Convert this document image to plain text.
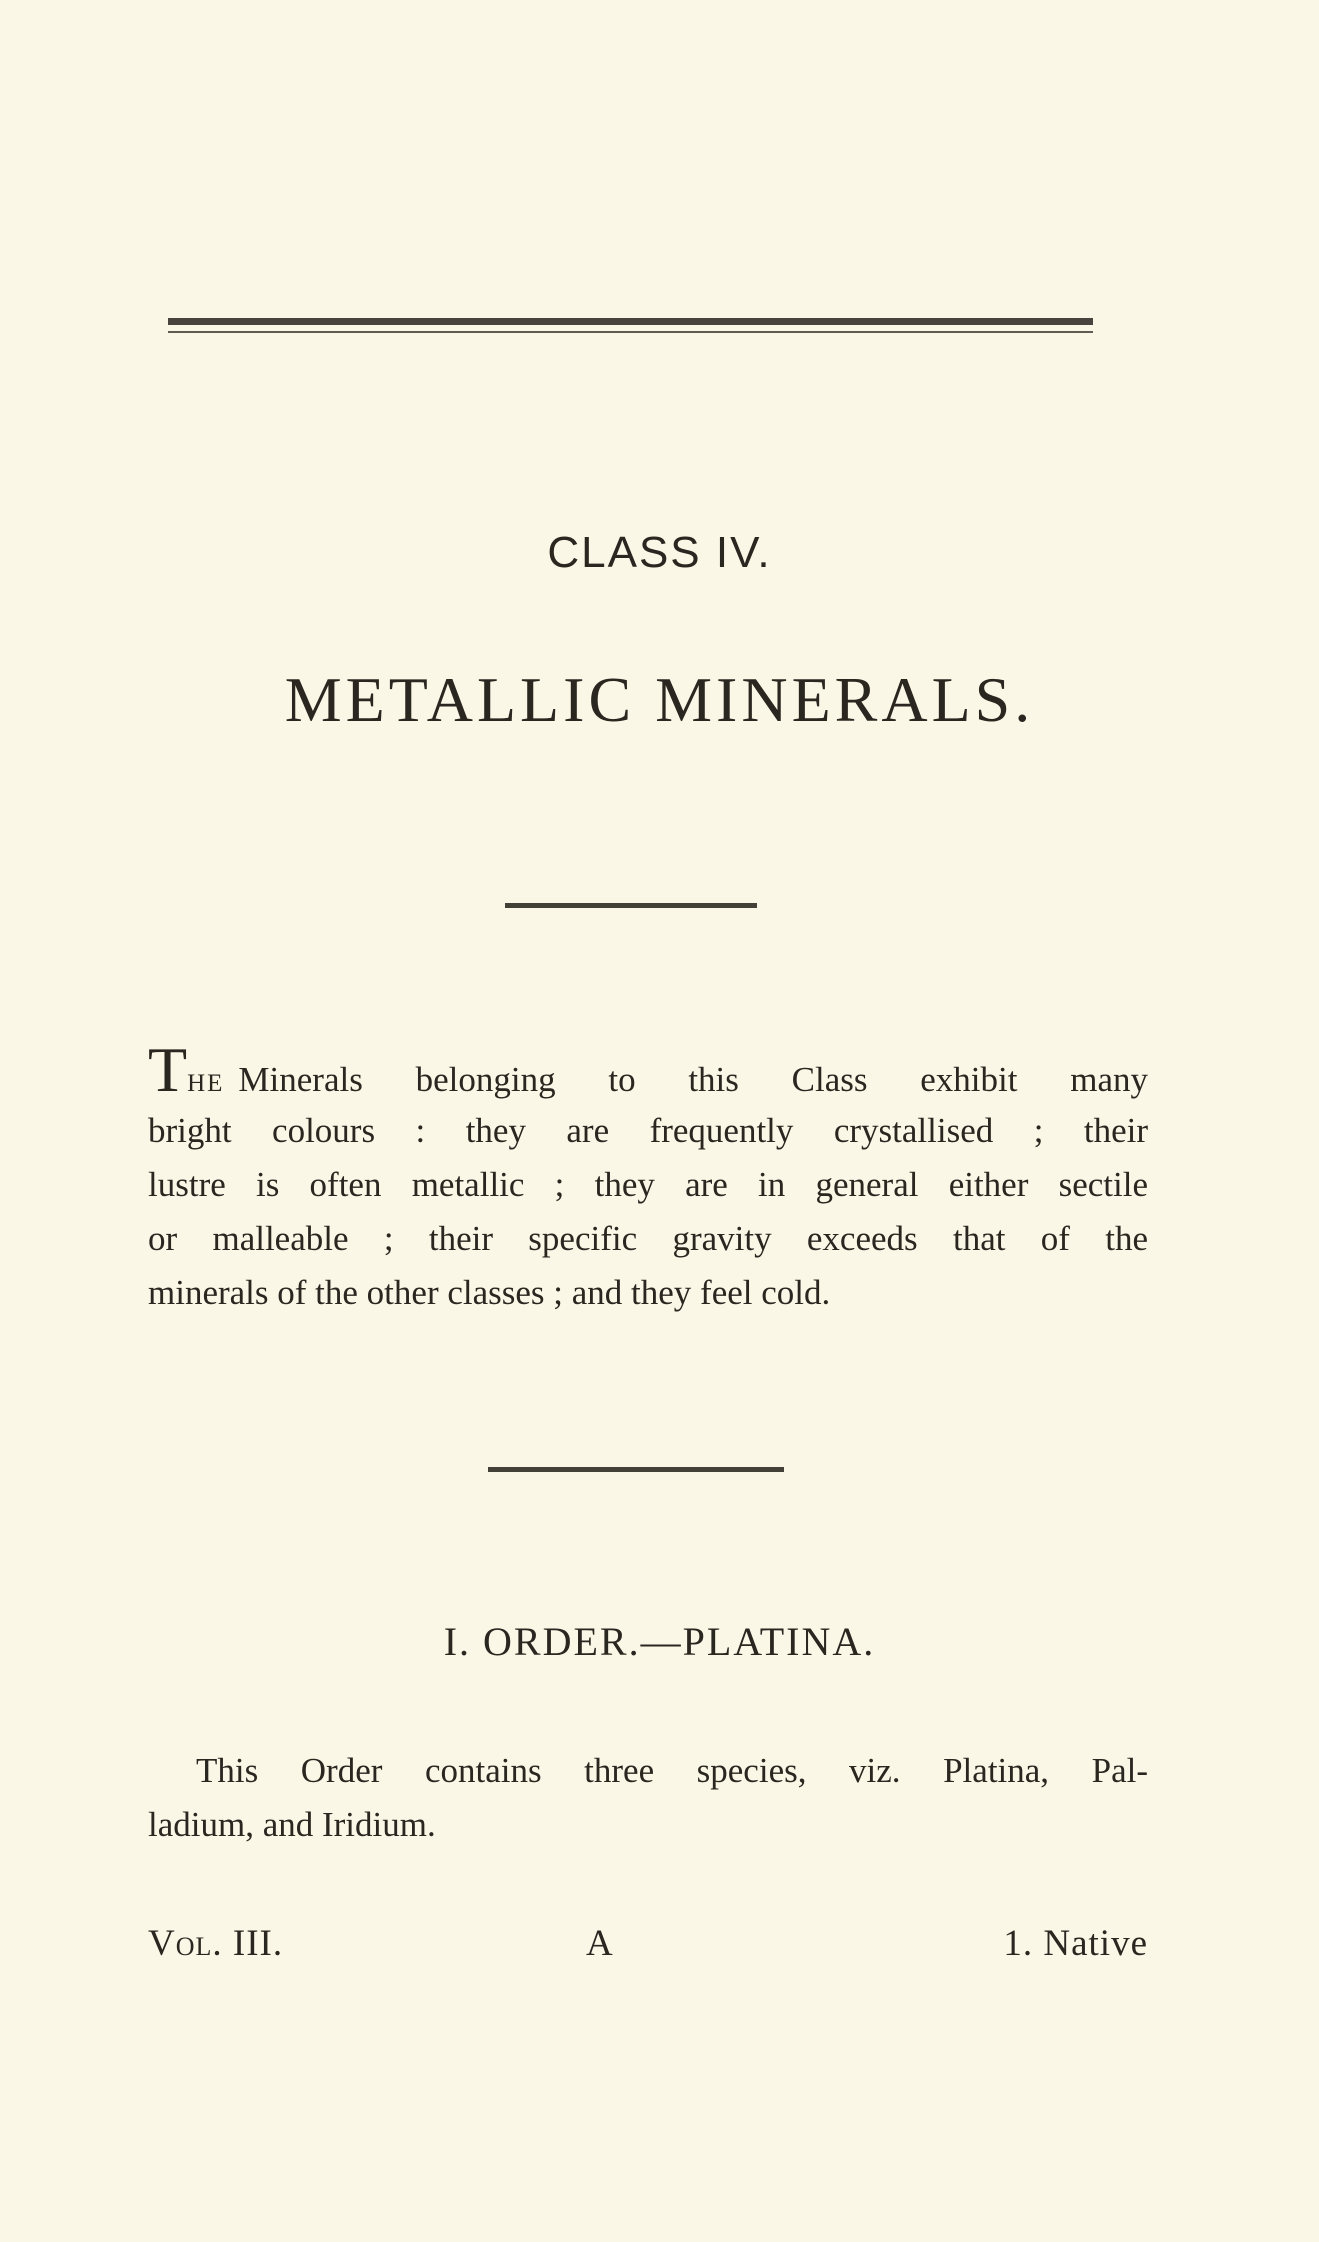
CLASS IV.
METALLIC MINERALS.
The Minerals belonging to this Class exhibit many
bright colours : they are frequently crystallised ; their
lustre is often metallic ; they are in general either sectile
or malleable ; their specific gravity exceeds that of the
minerals of the other classes ; and they feel cold.
I. ORDER.—PLATINA.
This Order contains three species, viz. Platina, Pal-
ladium, and Iridium.
Vol. III.	A	1. Native
